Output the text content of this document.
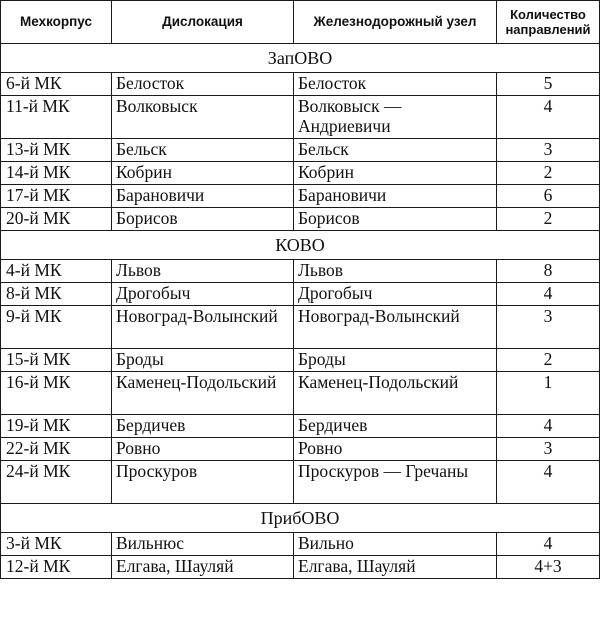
Мехкорпус	Дислокация	Железнодорожный узел	Количество направлений
ЗапОВО			
6-й МК	Белосток	Белосток	5
11-й МК	Волковыск	Волковыск — Андриевичи	4
13-й МК	Бельск	Бельск	3
14-й МК	Кобрин	Кобрин	2
17-й МК	Барановичи	Барановичи	6
20-й МК	Борисов	Борисов	2
КОВО			
4-й МК	Львов	Львов	8
8-й МК	Дрогобыч	Дрогобыч	4
9-й МК	Новоград-Волынский	Новоград-Волынский	3
15-й МК	Броды	Броды	2
16-й МК	Каменец-Подольский	Каменец-Подольский	1
19-й МК	Бердичев	Бердичев	4
22-й МК	Ровно	Ровно	3
24-й МК	Проскуров	Проскуров — Гречаны	4
ПрибОВО			
3-й МК	Вильнюс	Вильно	4
12-й МК	Елгава, Шауляй	Елгава, Шауляй	4+3
